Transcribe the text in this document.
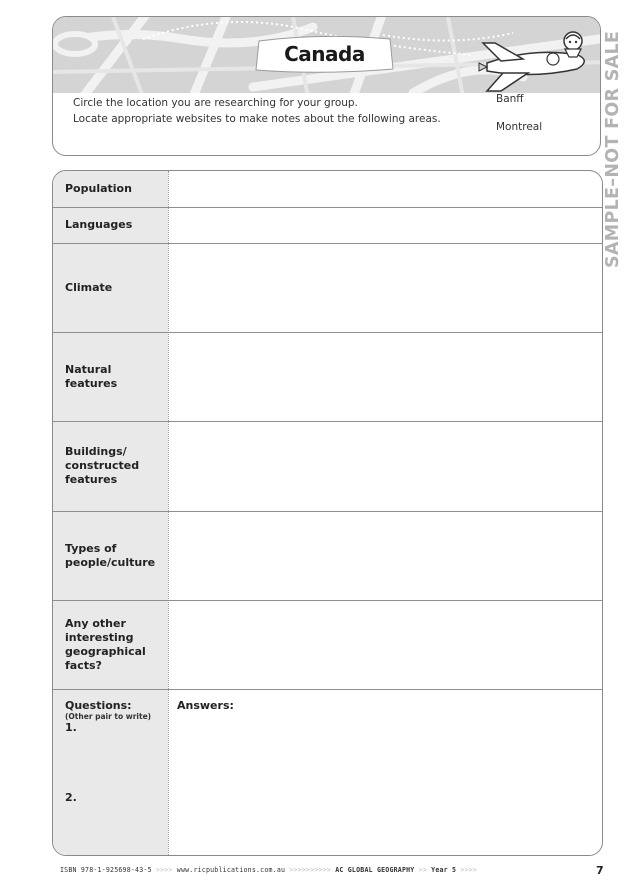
Canada
Circle the location you are researching for your group.
Locate appropriate websites to make notes about the following areas.
Banff
Montreal	SAMPLE–NOT FOR SALE
Population
Languages
Climate
Natural
features
Buildings/
constructed
features
Types of
people/culture
Any other
interesting
geographical
facts?
Questions:
(Other pair to write)
1.
2.
Answers:
ISBN 978-1-925698-43-5 >>>> www.ricpublications.com.au >>>>>>>>>> AC GLOBAL GEOGRAPHY >> Year 5 >>>>	7
